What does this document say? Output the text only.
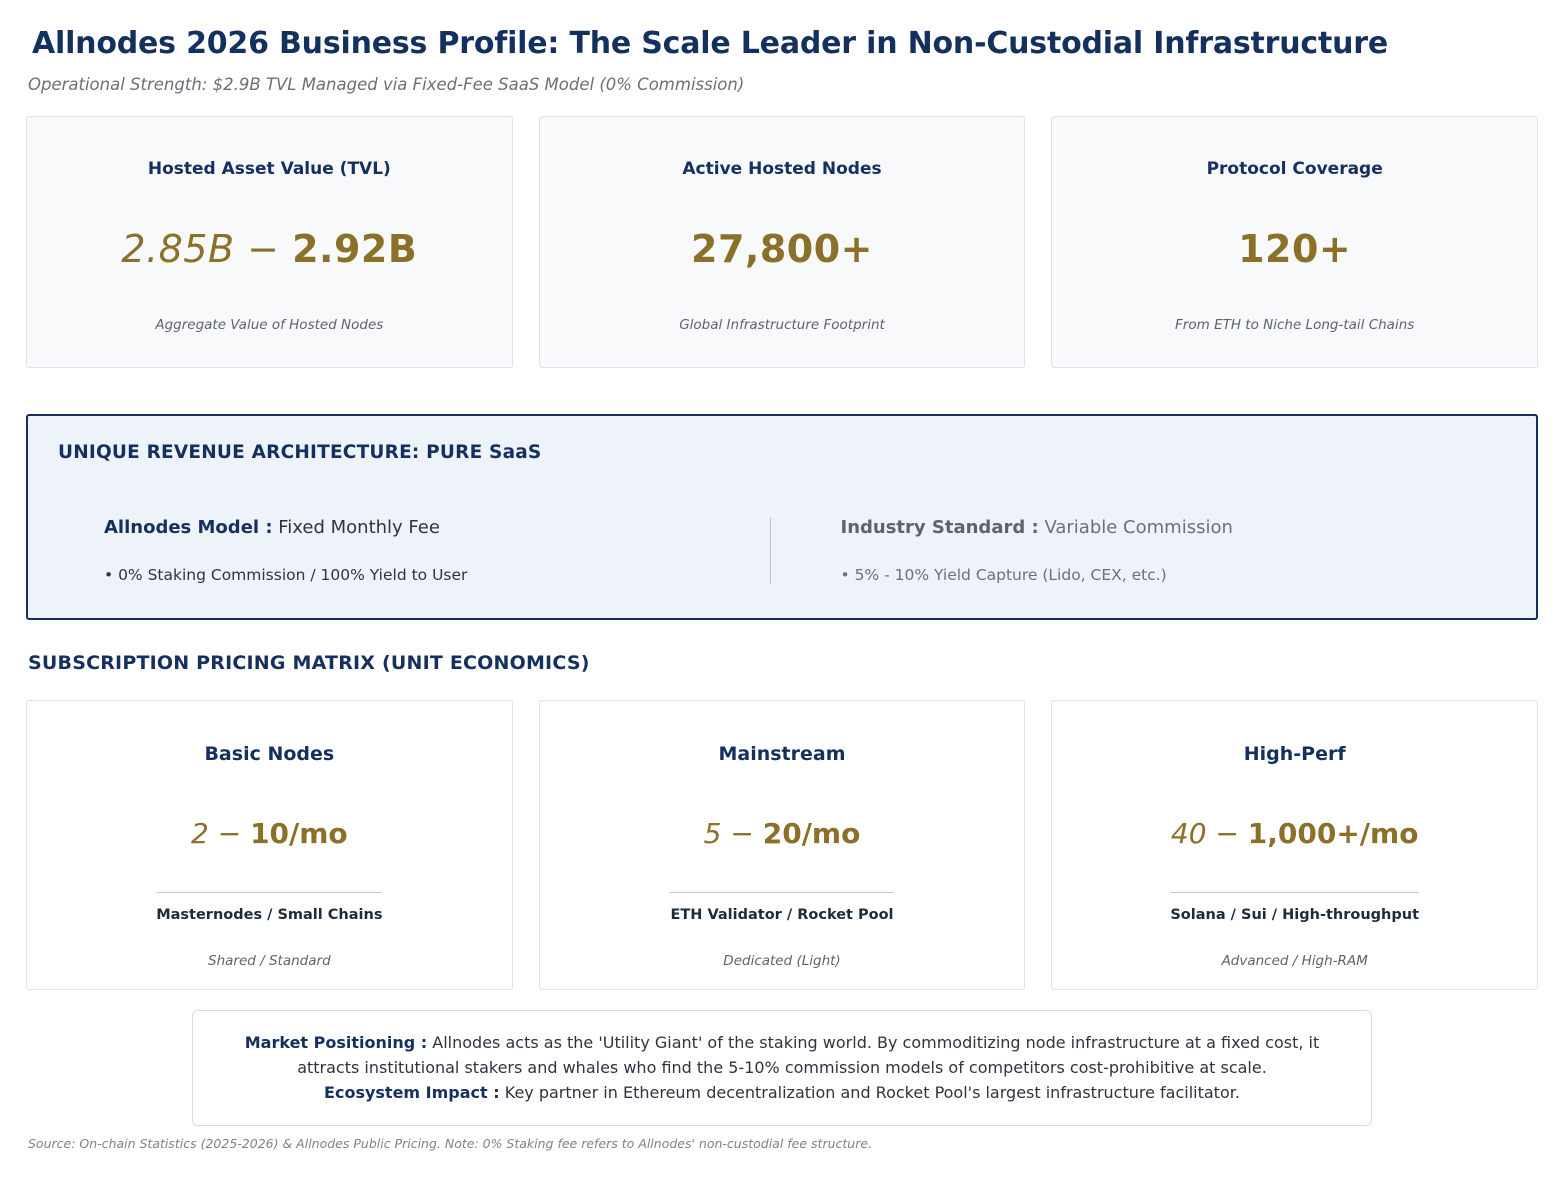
Allnodes 2026 Business Profile: The Scale Leader in Non-Custodial Infrastructure
Operational Strength: $2.9B TVL Managed via Fixed-Fee SaaS Model (0% Commission)
Hosted Asset Value (TVL)
2.85B − 2.92B
Aggregate Value of Hosted Nodes
Active Hosted Nodes
27,800+
Global Infrastructure Footprint
Protocol Coverage
120+
From ETH to Niche Long-tail Chains
UNIQUE REVENUE ARCHITECTURE: PURE SaaS
Allnodes Model : Fixed Monthly Fee
• 0% Staking Commission / 100% Yield to User
Industry Standard : Variable Commission
• 5% - 10% Yield Capture (Lido, CEX, etc.)
SUBSCRIPTION PRICING MATRIX (UNIT ECONOMICS)
Basic Nodes
2 − 10/mo
Masternodes / Small Chains
Shared / Standard
Mainstream
5 − 20/mo
ETH Validator / Rocket Pool
Dedicated (Light)
High-Perf
40 − 1,000+/mo
Solana / Sui / High-throughput
Advanced / High-RAM
Market Positioning : Allnodes acts as the 'Utility Giant' of the staking world. By commoditizing node infrastructure at a fixed cost, it attracts institutional stakers and whales who find the 5-10% commission models of competitors cost-prohibitive at scale.
Ecosystem Impact : Key partner in Ethereum decentralization and Rocket Pool's largest infrastructure facilitator.
Source: On-chain Statistics (2025-2026) & Allnodes Public Pricing. Note: 0% Staking fee refers to Allnodes' non-custodial fee structure.
